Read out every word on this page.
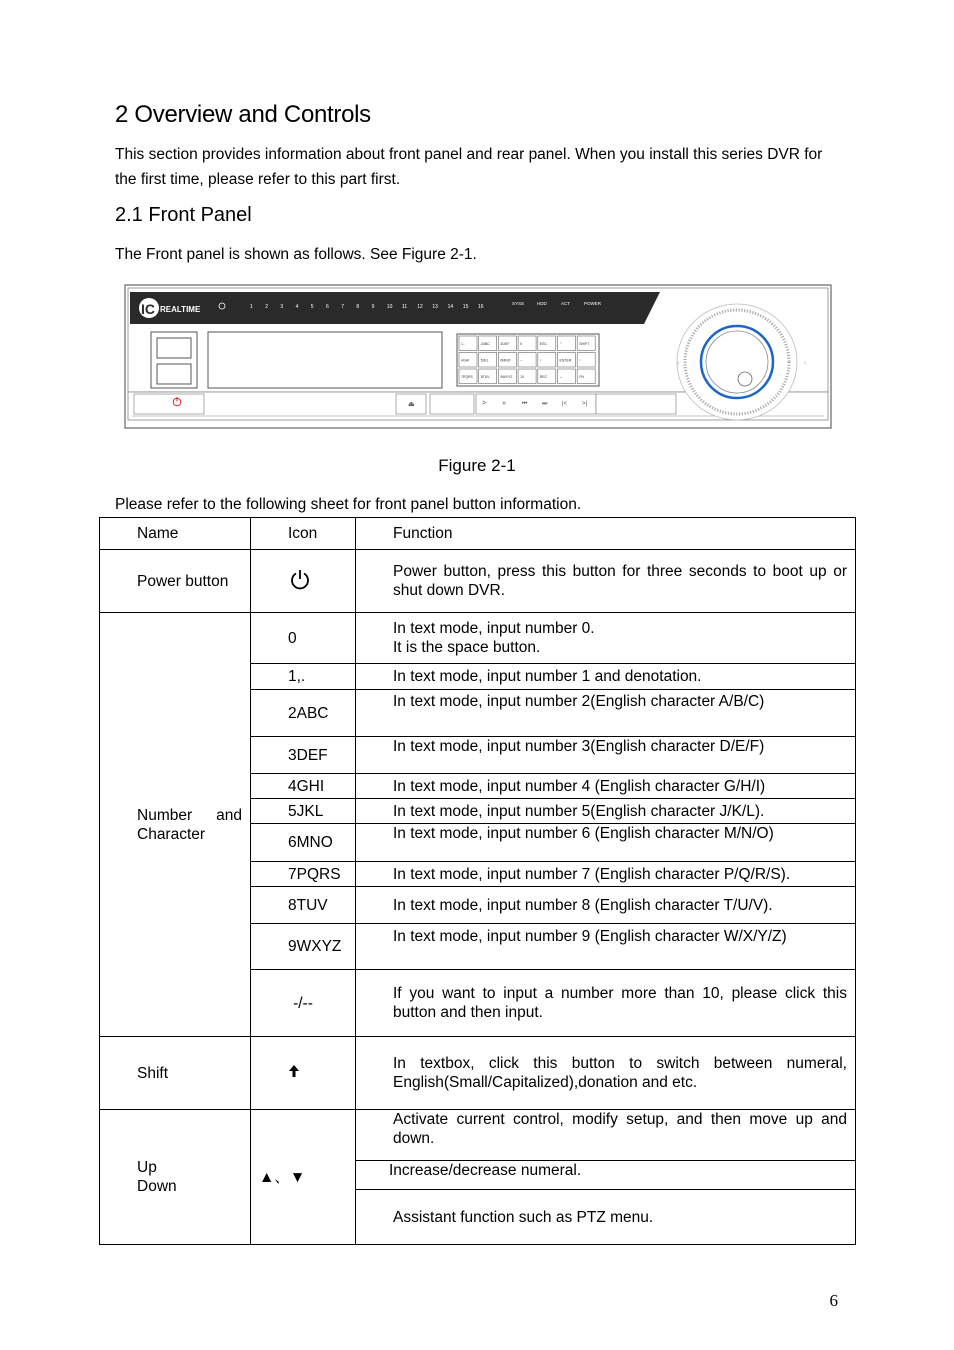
2 Overview and Controls
This section provides information about front panel and rear panel. When you install this series DVR for the first time, please refer to this part first.
2.1 Front Panel
The Front panel is shown as follows. See Figure 2-1.
IC REALTIME	1 2 3 4 5 6 7 8 9 10 11 12 13 14 15 16
SYSS	HDD	ACT	POWER
1,.	2ABC	3DEF	0	ESC	⌃	SHIFT
4GHI	5JKL	6MNO	--	‹	ENTER ›
7PQRS 8TUV	9WXYZ 10	REC	⌄	FN
⏏	> »	⏮ ⏭ |< >|
‹	›
Figure 2-1
Please refer to the following sheet for front panel button information.
Name	Icon	Function
Power button		Power button, press this button for three seconds to boot up or shut down DVR.
Number and Character	0	In text mode, input number 0.
It is the space button.

	1,.	In text mode, input number 1 and denotation.
	2ABC	In text mode, input number 2(English character A/B/C)
	3DEF	In text mode, input number 3(English character D/E/F)
	4GHI	In text mode, input number 4 (English character G/H/I)
	5JKL	In text mode, input number 5(English character J/K/L).
	6MNO	In text mode, input number 6 (English character M/N/O)
	7PQRS	In text mode, input number 7 (English character P/Q/R/S).
	8TUV	In text mode, input number 8 (English character T/U/V).
	9WXYZ	In text mode, input number 9 (English character W/X/Y/Z)
	-/--	If you want to input a number more than 10, please click this button and then input.
Shift		In textbox, click this button to switch between numeral, English(Small/Capitalized),donation and etc.

Up
Down	▲、▼	Activate current control, modify setup, and then move up and down.
		Increase/decrease numeral.
		Assistant function such as PTZ menu.
6
